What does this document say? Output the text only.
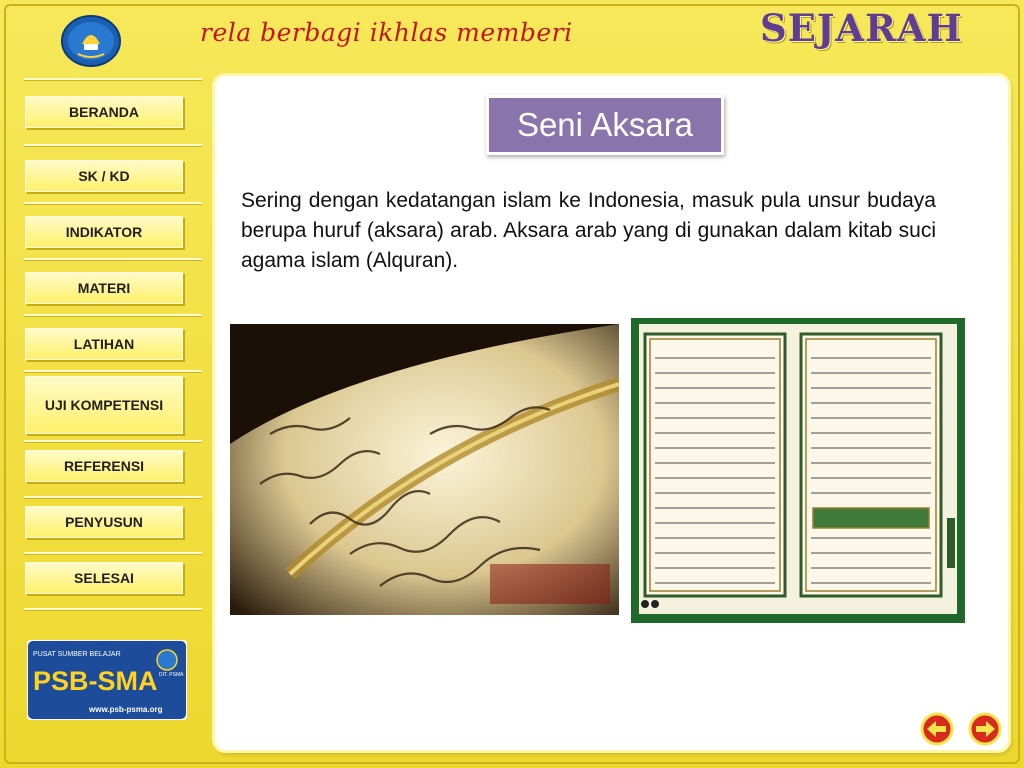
rela berbagi ikhlas memberi	SEJARAH
BERANDA
SK / KD
INDIKATOR
MATERI
LATIHAN
UJI KOMPETENSI
REFERENSI
PENYUSUN
SELESAI
PUSAT SUMBER BELAJAR
PSB-SMA
www.psb-psma.org
DIT. PSMA
Seni Aksara

Sering dengan kedatangan islam ke Indonesia, masuk pula unsur budaya berupa huruf (aksara) arab. Aksara arab yang di gunakan dalam kitab suci agama islam (Alquran).
